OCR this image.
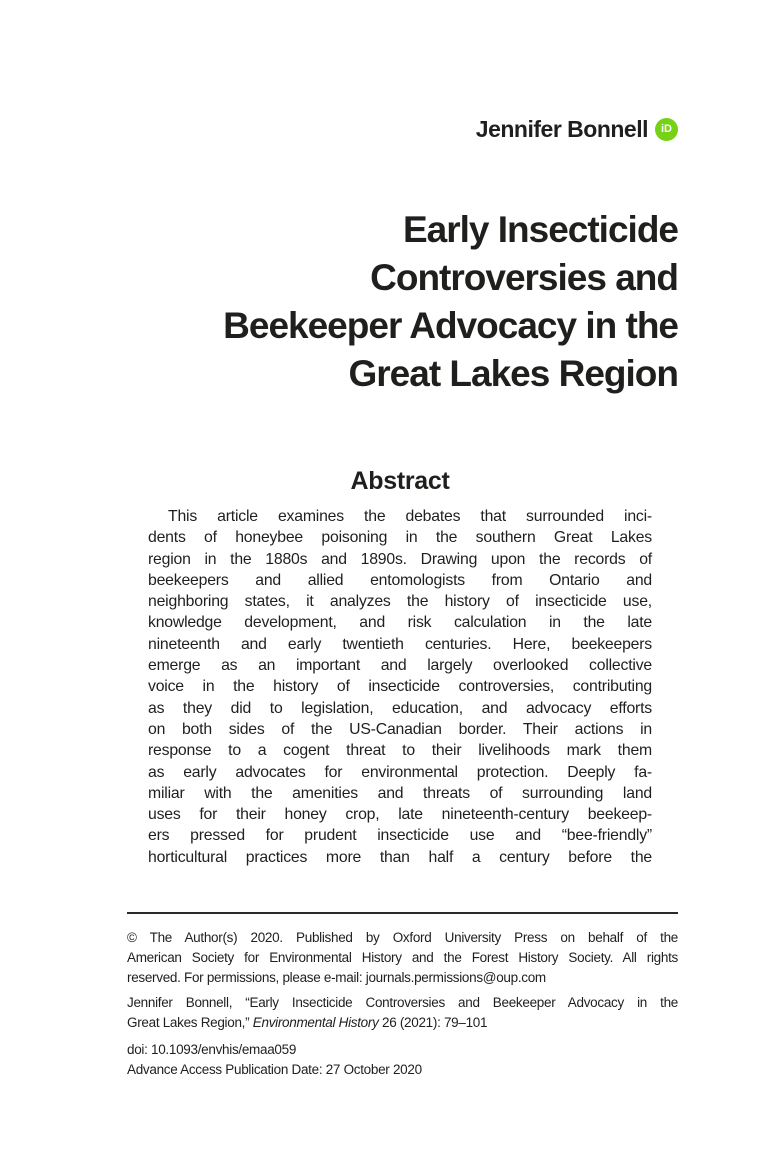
Jennifer Bonnell	iD
Early Insecticide
Controversies and
Beekeeper Advocacy in the
Great Lakes Region
Abstract
This article examines the debates that surrounded inci-
dents of honeybee poisoning in the southern Great Lakes
region in the 1880s and 1890s. Drawing upon the records of
beekeepers and allied entomologists from Ontario and
neighboring states, it analyzes the history of insecticide use,
knowledge development, and risk calculation in the late
nineteenth and early twentieth centuries. Here, beekeepers
emerge as an important and largely overlooked collective
voice in the history of insecticide controversies, contributing
as they did to legislation, education, and advocacy efforts
on both sides of the US-Canadian border. Their actions in
response to a cogent threat to their livelihoods mark them
as early advocates for environmental protection. Deeply fa-
miliar with the amenities and threats of surrounding land
uses for their honey crop, late nineteenth-century beekeep-
ers pressed for prudent insecticide use and “bee-friendly”
horticultural practices more than half a century before the
© The Author(s) 2020. Published by Oxford University Press on behalf of the
American Society for Environmental History and the Forest History Society. All rights
reserved. For permissions, please e-mail: journals.permissions@oup.com
Jennifer Bonnell, “Early Insecticide Controversies and Beekeeper Advocacy in the
Great Lakes Region,” Environmental History 26 (2021): 79–101
doi: 10.1093/envhis/emaa059
Advance Access Publication Date: 27 October 2020
